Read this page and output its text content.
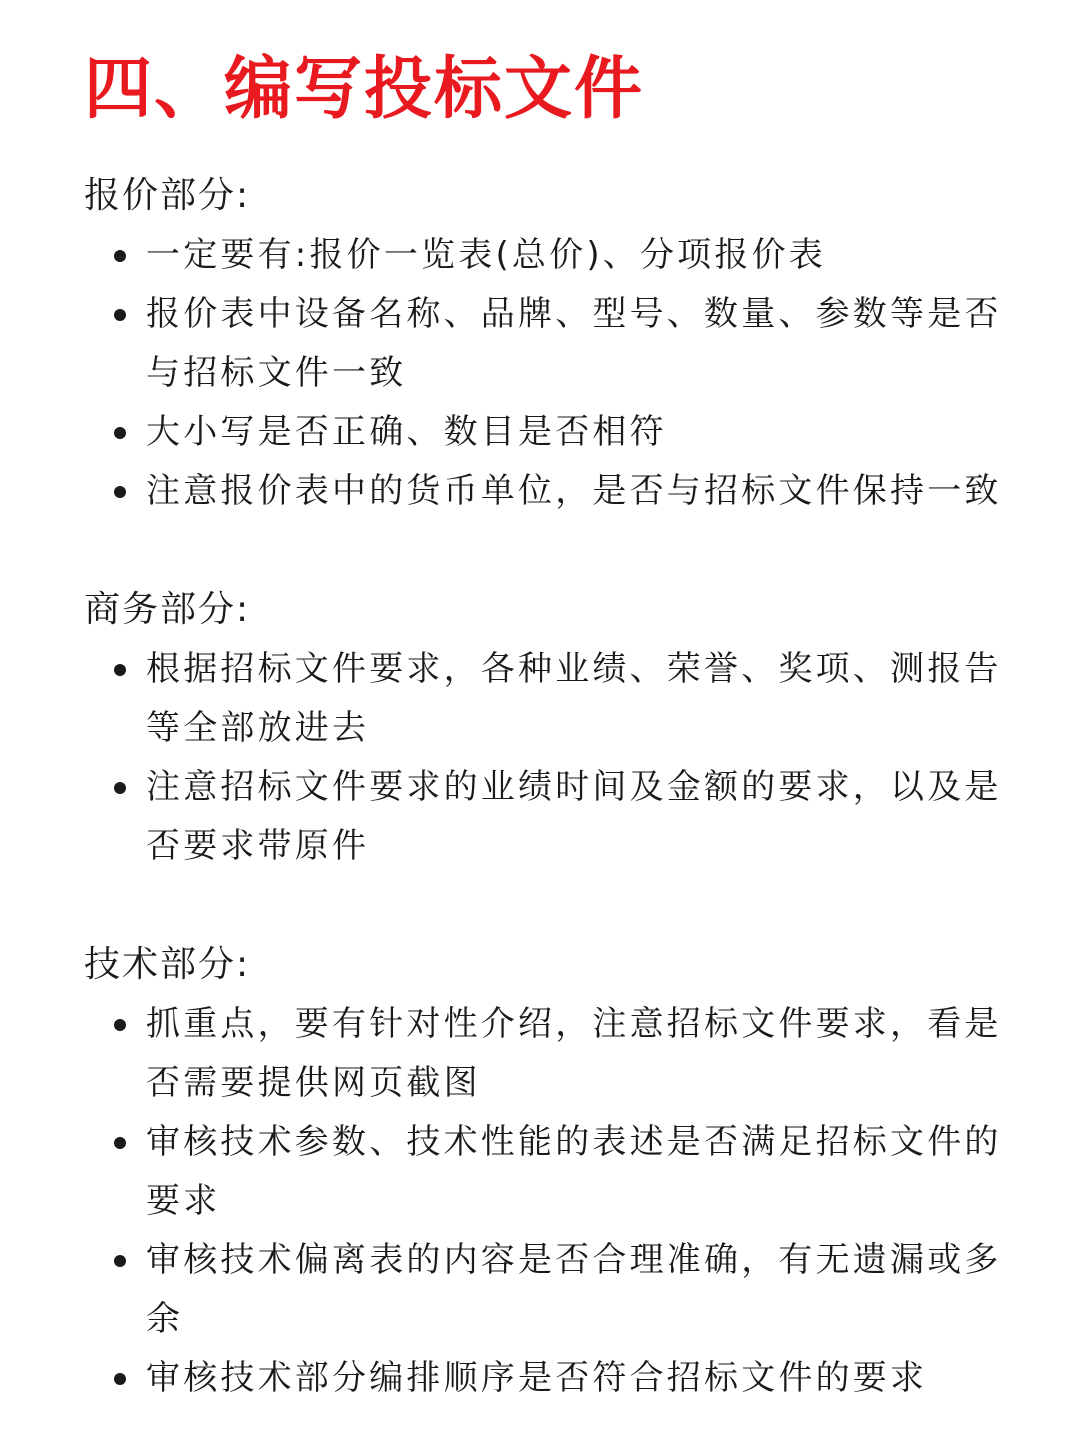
四、编写投标文件
报价部分:
一定要有:报价一览表(总价)、分项报价表
报价表中设备名称、品牌、型号、数量、参数等是否与招标文件一致
大小写是否正确、数目是否相符
注意报价表中的货币单位，是否与招标文件保持一致
商务部分:
根据招标文件要求，各种业绩、荣誉、奖项、测报告等全部放进去
注意招标文件要求的业绩时间及金额的要求，以及是否要求带原件
技术部分:
抓重点，要有针对性介绍，注意招标文件要求，看是否需要提供网页截图
审核技术参数、技术性能的表述是否满足招标文件的要求
审核技术偏离表的内容是否合理准确，有无遗漏或多余
审核技术部分编排顺序是否符合招标文件的要求
